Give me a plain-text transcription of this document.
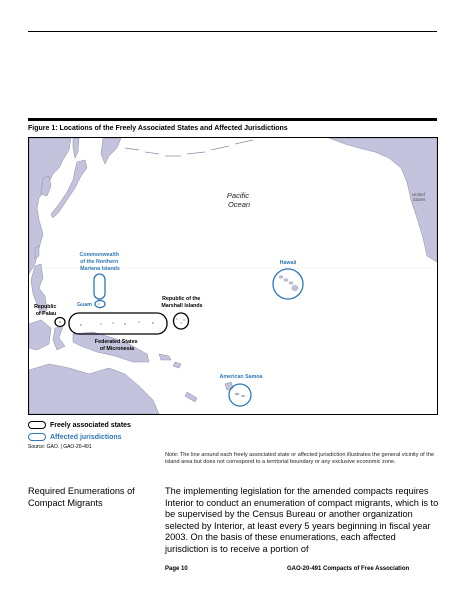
Figure 1: Locations of the Freely Associated States and Affected Jurisdictions
Pacific Ocean
United States
Commonwealth of the Northern Mariana Islands
Guam
Republic of Palau
Republic of the Marshall Islands
Federated States of Micronesia
Hawaii
American Samoa
Freely associated states
Affected jurisdictions
Source: GAO. | GAO-20-491
Note: The line around each freely associated state or affected jurisdiction illustrates the general vicinity of the island area but does not correspond to a territorial boundary or any exclusive economic zone.
Required Enumerations of Compact Migrants
The implementing legislation for the amended compacts requires Interior to conduct an enumeration of compact migrants, which is to be supervised by the Census Bureau or another organization selected by Interior, at least every 5 years beginning in fiscal year 2003. On the basis of these enumerations, each affected jurisdiction is to receive a portion of
Page 10	GAO-20-491 Compacts of Free Association
